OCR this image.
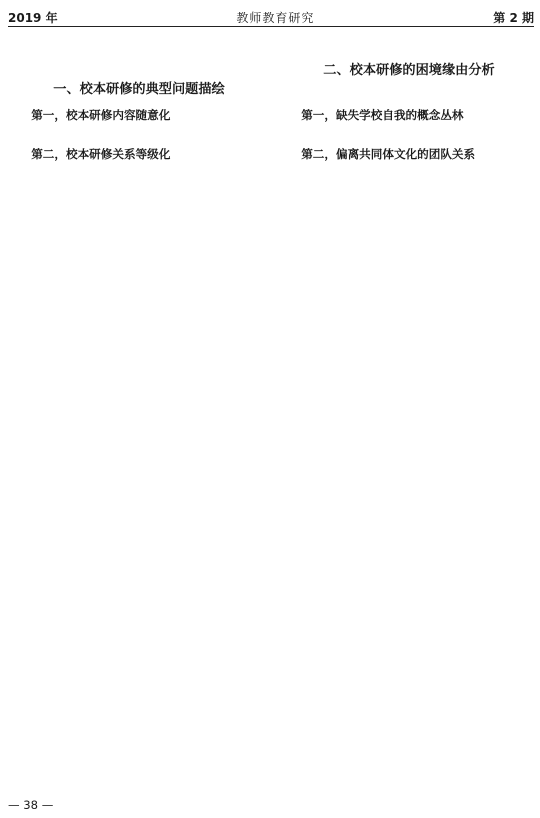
2019 年	教师教育研究	第 2 期

一、校本研修的典型问题描绘

第一，校本研修内容随意化

第二，校本研修关系等级化

二、校本研修的困境缘由分析

第一，缺失学校自我的概念丛林

第二，偏离共同体文化的团队关系

— 38 —
